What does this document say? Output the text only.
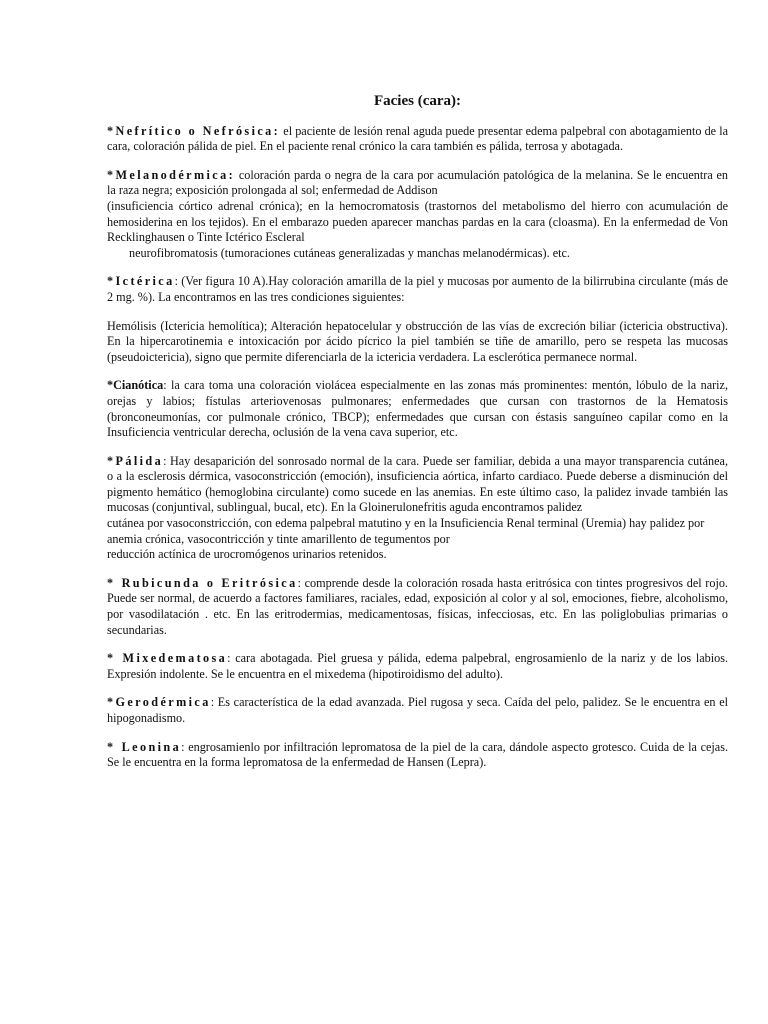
Facies (cara):
*Nefrítico o Nefrósica: el paciente de lesión renal aguda puede presentar edema palpebral con abotagamiento de la cara, coloración pálida de piel. En el paciente renal crónico la cara también es pálida, terrosa y abotagada.
*Melanodérmica: coloración parda o negra de la cara por acumulación patológica de la melanina. Se le encuentra en la raza negra; exposición prolongada al sol; enfermedad de Addison
(insuficiencia córtico adrenal crónica); en la hemocromatosis (trastornos del metabolismo del hierro con acumulación de hemosiderina en los tejidos). En el embarazo pueden aparecer manchas pardas en la cara (cloasma). En la enfermedad de Von Recklinghausen o Tinte Ictérico Escleral
neurofibromatosis (tumoraciones cutáneas generalizadas y manchas melanodérmicas). etc.
*Ictérica: (Ver figura 10 A).Hay coloración amarilla de la piel y mucosas por aumento de la bilirrubina circulante (más de 2 mg. %). La encontramos en las tres condiciones siguientes:
Hemólisis (Ictericia hemolítica); Alteración hepatocelular y obstrucción de las vías de excreción biliar (ictericia obstructiva). En la hipercarotinemia e intoxicación por ácido pícrico la piel también se tiñe de amarillo, pero se respeta las mucosas (pseudoictericia), signo que permite diferenciarla de la ictericia verdadera. La esclerótica permanece normal.
*Cianótica: la cara toma una coloración violácea especialmente en las zonas más prominentes: mentón, lóbulo de la nariz, orejas y labios; fístulas arteriovenosas pulmonares; enfermedades que cursan con trastornos de la Hematosis (bronconeumonías, cor pulmonale crónico, TBCP); enfermedades que cursan con éstasis sanguíneo capilar como en la Insuficiencia ventricular derecha, oclusión de la vena cava superior, etc.
*Pálida: Hay desaparición del sonrosado normal de la cara. Puede ser familiar, debida a una mayor transparencia cutánea, o a la esclerosis dérmica, vasoconstricción (emoción), insuficiencia aórtica, infarto cardiaco. Puede deberse a disminución del pigmento hemático (hemoglobina circulante) como sucede en las anemias. En este último caso, la palidez invade también las mucosas (conjuntival, sublingual, bucal, etc). En la Gloinerulonefritis aguda encontramos palidez
cutánea por vasoconstricción, con edema palpebral matutino y en la Insuficiencia Renal terminal (Uremia) hay palidez por anemia crónica, vasocontricción y tinte amarillento de tegumentos por
reducción actínica de urocromógenos urinarios retenidos.
* Rubicunda o Eritrósica: comprende desde la coloración rosada hasta eritrósica con tintes progresivos del rojo. Puede ser normal, de acuerdo a factores familiares, raciales, edad, exposición al color y al sol, emociones, fiebre, alcoholismo, por vasodilatación . etc. En las eritrodermias, medicamentosas, físicas, infecciosas, etc. En las poliglobulias primarias o secundarias.
* Mixedematosa: cara abotagada. Piel gruesa y pálida, edema palpebral, engrosamienlo de la nariz y de los labios. Expresión indolente. Se le encuentra en el mixedema (hipotiroidismo del adulto).
*Gerodérmica: Es característica de la edad avanzada. Piel rugosa y seca. Caída del pelo, palidez. Se le encuentra en el hipogonadismo.
* Leonina: engrosamienlo por infiltración lepromatosa de la piel de la cara, dándole aspecto grotesco. Cuida de la cejas. Se le encuentra en la forma lepromatosa de la enfermedad de Hansen (Lepra).
